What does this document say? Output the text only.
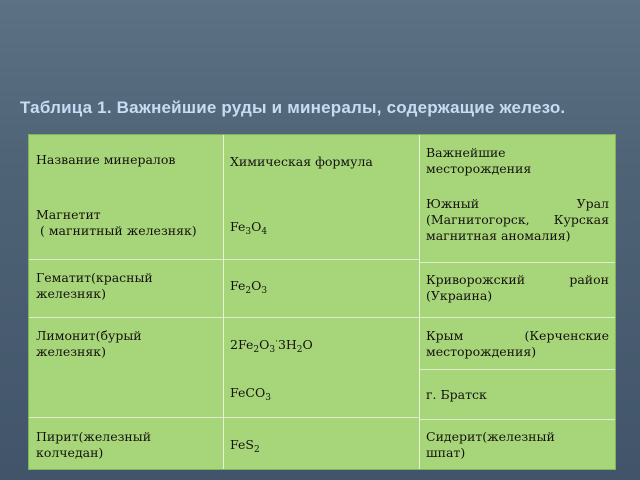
Таблица 1. Важнейшие руды и минералы, содержащие железо.
Название минералов
Магнетит
( магнитный железняк)
Гематит(красный
железняк)
Лимонит(бурый
железняк)
Пирит(железный
колчедан)
Химическая формула
$Fe_3O_4$
$Fe_2O_3$
$2Fe_2O_3^\cdot 3H_2O$
FeCO$_3$
FeS$_2$
Важнейшие
месторождения
Южный Урал
(Магнитогорск, Курская
магнитная аномалия)
Криворожский район
(Украина)
Крым (Керченские
месторождения)
г. Братск
Сидерит(железный
шпат)
